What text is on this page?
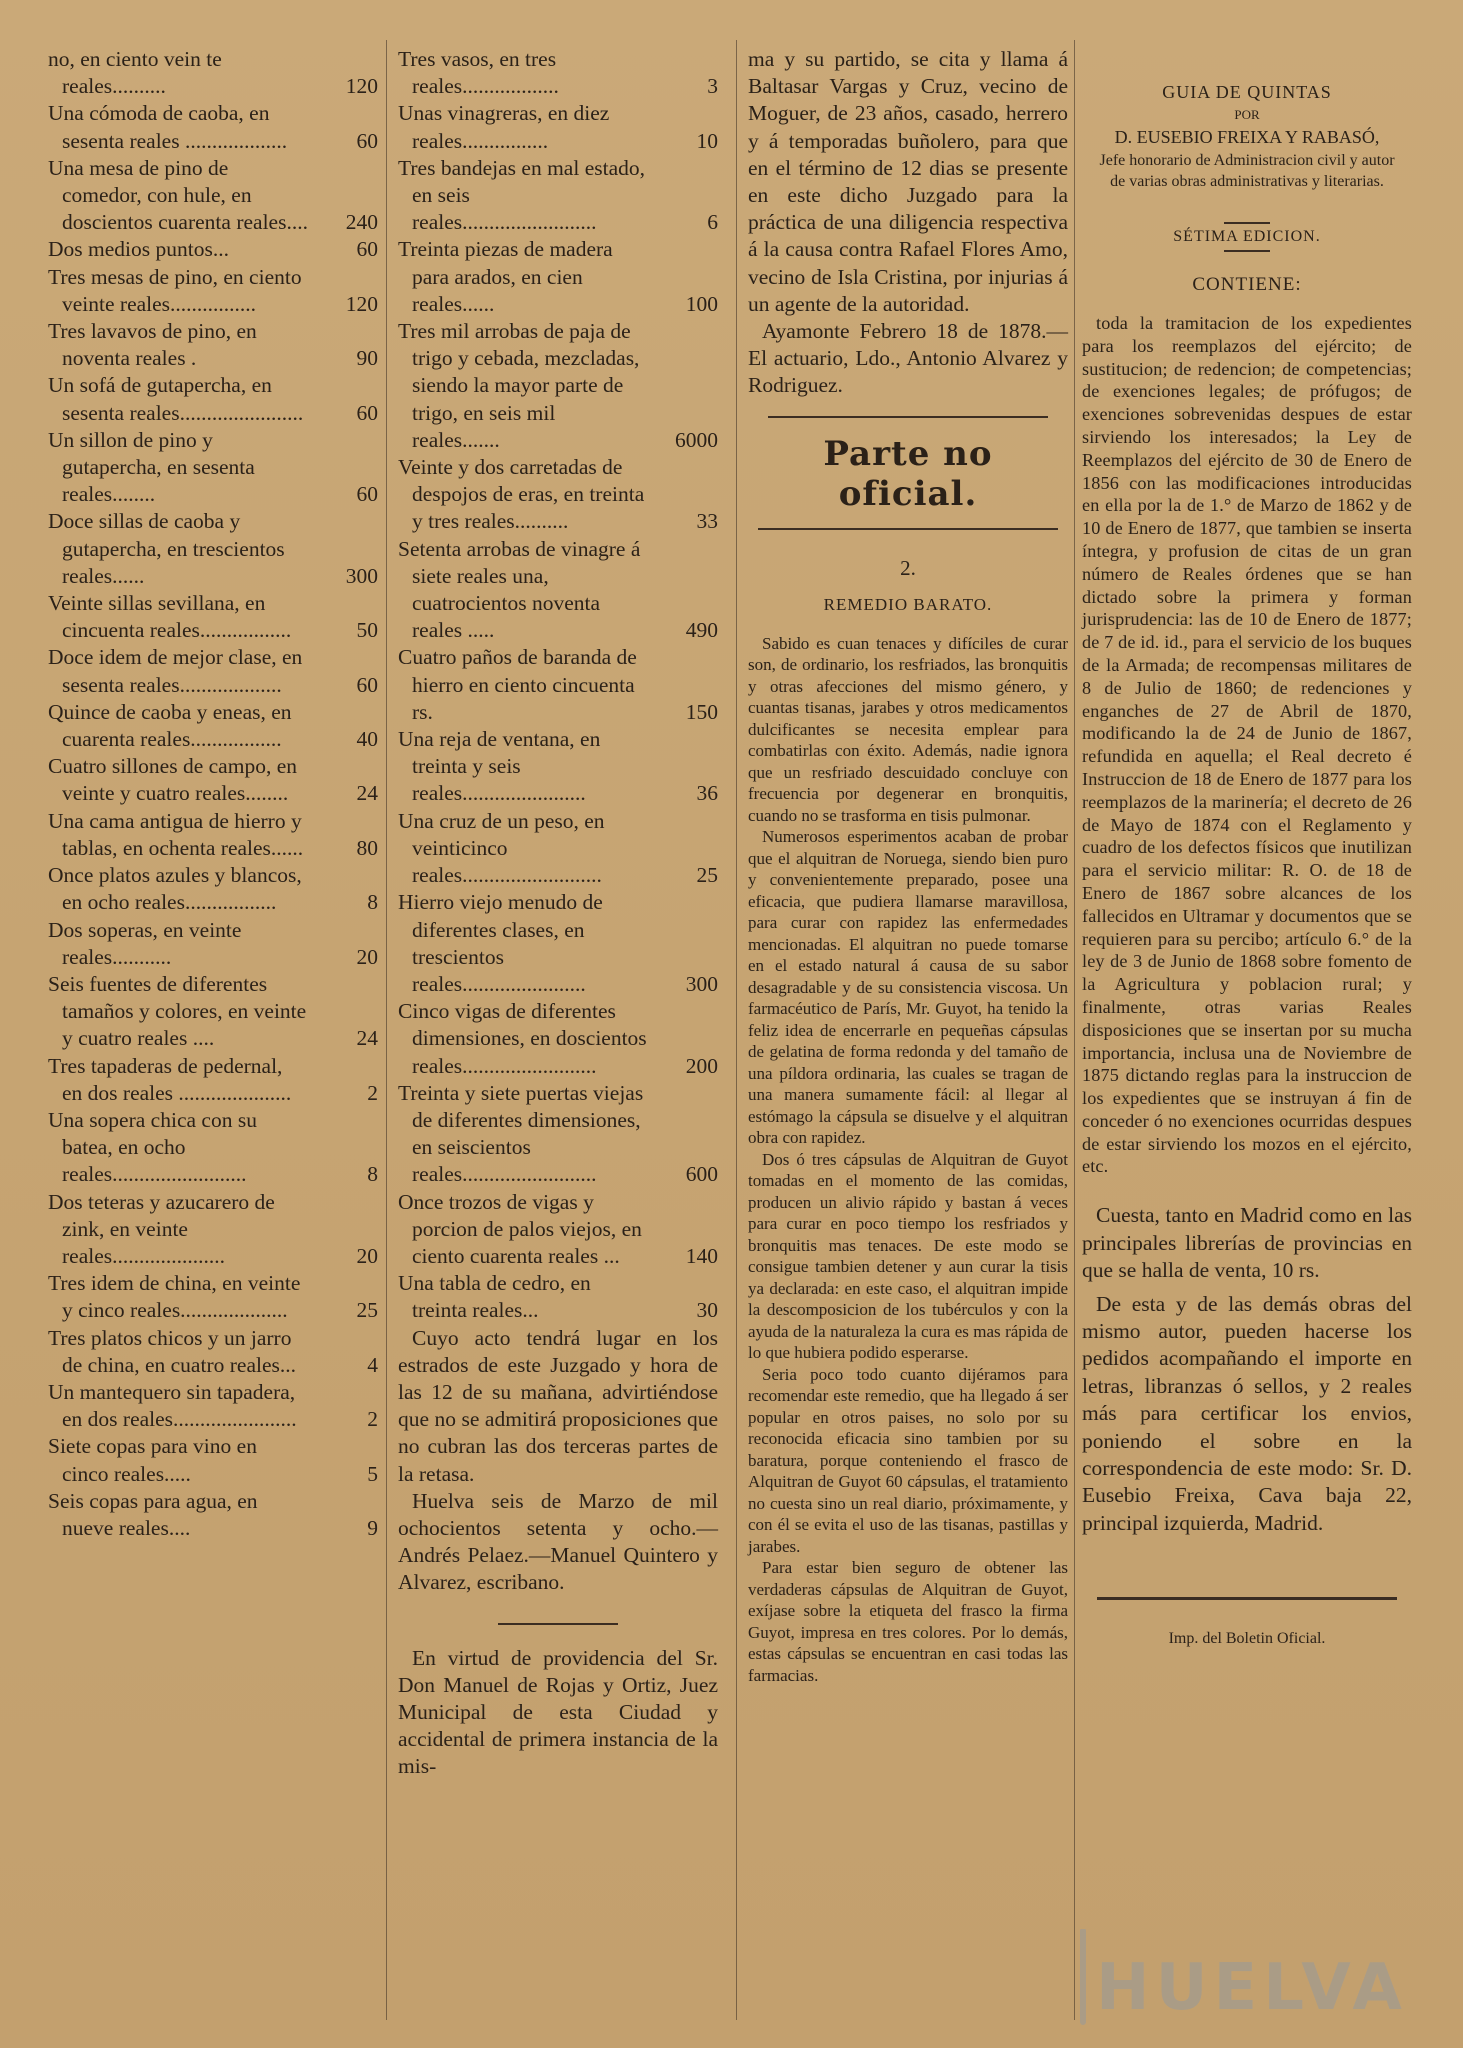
no, en ciento vein te reales..........	120
Una cómoda de caoba, en sesenta reales ...................	60
Una mesa de pino de comedor, con hule, en doscientos cuarenta reales....	240
Dos medios puntos...	60
Tres mesas de pino, en ciento veinte reales................	120
Tres lavavos de pino, en noventa reales .	90
Un sofá de gutapercha, en sesenta reales.......................	60
Un sillon de pino y gutapercha, en sesenta reales........	60
Doce sillas de caoba y gutapercha, en trescientos reales......	300
Veinte sillas sevillana, en cincuenta reales.................	50
Doce idem de mejor clase, en sesenta reales...................	60
Quince de caoba y eneas, en cuarenta reales.................	40
Cuatro sillones de campo, en veinte y cuatro reales........	24
Una cama antigua de hierro y tablas, en ochenta reales......	80
Once platos azules y blancos, en ocho reales.................	8
Dos soperas, en veinte reales...........	20
Seis fuentes de diferentes tamaños y colores, en veinte y cuatro reales ....	24
Tres tapaderas de pedernal, en dos reales .....................	2
Una sopera chica con su batea, en ocho reales.........................	8
Dos teteras y azucarero de zink, en veinte reales.....................	20
Tres idem de china, en veinte y cinco reales....................	25
Tres platos chicos y un jarro de china, en cuatro reales...	4
Un mantequero sin tapadera, en dos reales.......................	2
Siete copas para vino en cinco reales.....	5
Seis copas para agua, en nueve reales....	9
Tres vasos, en tres reales..................	3
Unas vinagreras, en diez reales................	10
Tres bandejas en mal estado, en seis reales.........................	6
Treinta piezas de madera para arados, en cien reales......	100
Tres mil arrobas de paja de trigo y cebada, mezcladas, siendo la mayor parte de trigo, en seis mil reales.......	6000
Veinte y dos carretadas de despojos de eras, en treinta y tres reales..........	33
Setenta arrobas de vinagre á siete reales una, cuatrocientos noventa reales .....	490
Cuatro paños de baranda de hierro en ciento cincuenta rs.	150
Una reja de ventana, en treinta y seis reales.......................	36
Una cruz de un peso, en veinticinco reales..........................	25
Hierro viejo menudo de diferentes clases, en trescientos reales.......................	300
Cinco vigas de diferentes dimensiones, en doscientos reales.........................	200
Treinta y siete puertas viejas de diferentes dimensiones, en seiscientos reales.........................	600
Once trozos de vigas y porcion de palos viejos, en ciento cuarenta reales ...	140
Una tabla de cedro, en treinta reales...	30

Cuyo acto tendrá lugar en los estrados de este Juzgado y hora de las 12 de su mañana, advirtiéndose que no se admitirá proposiciones que no cubran las dos terceras partes de la retasa.

Huelva seis de Marzo de mil ochocientos setenta y ocho.—Andrés Pelaez.—Manuel Quintero y Alvarez, escribano.

En virtud de providencia del Sr. Don Manuel de Rojas y Ortiz, Juez Municipal de esta Ciudad y accidental de primera instancia de la mis-

ma y su partido, se cita y llama á Baltasar Vargas y Cruz, vecino de Moguer, de 23 años, casado, herrero y á temporadas buñolero, para que en el término de 12 dias se presente en este dicho Juzgado para la práctica de una diligencia respectiva á la causa contra Rafael Flores Amo, vecino de Isla Cristina, por injurias á un agente de la autoridad.

Ayamonte Febrero 18 de 1878.—El actuario, Ldo., Antonio Alvarez y Rodriguez.

Parte no oficial.
2.
REMEDIO BARATO.

Sabido es cuan tenaces y difíciles de curar son, de ordinario, los resfriados, las bronquitis y otras afecciones del mismo género, y cuantas tisanas, jarabes y otros medicamentos dulcificantes se necesita emplear para combatirlas con éxito. Además, nadie ignora que un resfriado descuidado concluye con frecuencia por degenerar en bronquitis, cuando no se trasforma en tisis pulmonar.

Numerosos esperimentos acaban de probar que el alquitran de Noruega, siendo bien puro y convenientemente preparado, posee una eficacia, que pudiera llamarse maravillosa, para curar con rapidez las enfermedades mencionadas. El alquitran no puede tomarse en el estado natural á causa de su sabor desagradable y de su consistencia viscosa. Un farmacéutico de París, Mr. Guyot, ha tenido la feliz idea de encerrarle en pequeñas cápsulas de gelatina de forma redonda y del tamaño de una píldora ordinaria, las cuales se tragan de una manera sumamente fácil: al llegar al estómago la cápsula se disuelve y el alquitran obra con rapidez.

Dos ó tres cápsulas de Alquitran de Guyot tomadas en el momento de las comidas, producen un alivio rápido y bastan á veces para curar en poco tiempo los resfriados y bronquitis mas tenaces. De este modo se consigue tambien detener y aun curar la tisis ya declarada: en este caso, el alquitran impide la descomposicion de los tubérculos y con la ayuda de la naturaleza la cura es mas rápida de lo que hubiera podido esperarse.

Seria poco todo cuanto dijéramos para recomendar este remedio, que ha llegado á ser popular en otros paises, no solo por su reconocida eficacia sino tambien por su baratura, porque conteniendo el frasco de Alquitran de Guyot 60 cápsulas, el tratamiento no cuesta sino un real diario, próximamente, y con él se evita el uso de las tisanas, pastillas y jarabes.

Para estar bien seguro de obtener las verdaderas cápsulas de Alquitran de Guyot, exíjase sobre la etiqueta del frasco la firma Guyot, impresa en tres colores. Por lo demás, estas cápsulas se encuentran en casi todas las farmacias.

GUIA DE QUINTAS
POR
D. EUSEBIO FREIXA Y RABASÓ,
Jefe honorario de Administracion civil y autor de varias obras administrativas y literarias.
SÉTIMA EDICION.
CONTIENE:

toda la tramitacion de los expedientes para los reemplazos del ejército; de sustitucion; de redencion; de competencias; de exenciones legales; de prófugos; de exenciones sobrevenidas despues de estar sirviendo los interesados; la Ley de Reemplazos del ejército de 30 de Enero de 1856 con las modificaciones introducidas en ella por la de 1.° de Marzo de 1862 y de 10 de Enero de 1877, que tambien se inserta íntegra, y profusion de citas de un gran número de Reales órdenes que se han dictado sobre la primera y forman jurisprudencia: las de 10 de Enero de 1877; de 7 de id. id., para el servicio de los buques de la Armada; de recompensas militares de 8 de Julio de 1860; de redenciones y enganches de 27 de Abril de 1870, modificando la de 24 de Junio de 1867, refundida en aquella; el Real decreto é Instruccion de 18 de Enero de 1877 para los reemplazos de la marinería; el decreto de 26 de Mayo de 1874 con el Reglamento y cuadro de los defectos físicos que inutilizan para el servicio militar: R. O. de 18 de Enero de 1867 sobre alcances de los fallecidos en Ultramar y documentos que se requieren para su percibo; artículo 6.° de la ley de 3 de Junio de 1868 sobre fomento de la Agricultura y poblacion rural; y finalmente, otras varias Reales disposiciones que se insertan por su mucha importancia, inclusa una de Noviembre de 1875 dictando reglas para la instruccion de los expedientes que se instruyan á fin de conceder ó no exenciones ocurridas despues de estar sirviendo los mozos en el ejército, etc.

Cuesta, tanto en Madrid como en las principales librerías de provincias en que se halla de venta, 10 rs.

De esta y de las demás obras del mismo autor, pueden hacerse los pedidos acompañando el importe en letras, libranzas ó sellos, y 2 reales más para certificar los envios, poniendo el sobre en la correspondencia de este modo: Sr. D. Eusebio Freixa, Cava baja 22, principal izquierda, Madrid.

Imp. del Boletin Oficial.
HUELVA
